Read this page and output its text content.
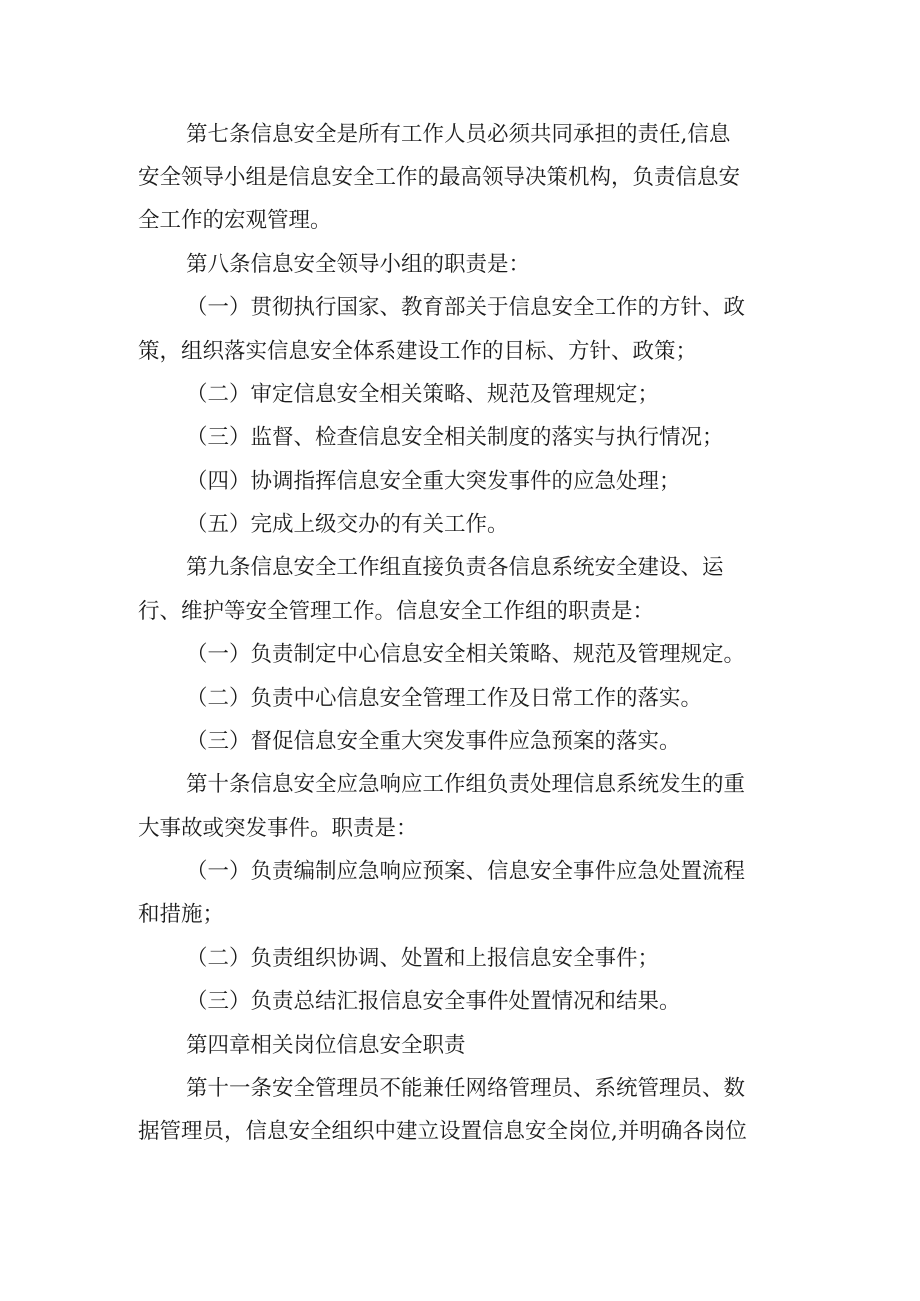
第七条信息安全是所有工作人员必须共同承担的责任,信息
安全领导小组是信息安全工作的最高领导决策机构，负责信息安
全工作的宏观管理。
第八条信息安全领导小组的职责是：
（一）贯彻执行国家、教育部关于信息安全工作的方针、政
策，组织落实信息安全体系建设工作的目标、方针、政策；
（二）审定信息安全相关策略、规范及管理规定；
（三）监督、检查信息安全相关制度的落实与执行情况；
（四）协调指挥信息安全重大突发事件的应急处理；
（五）完成上级交办的有关工作。
第九条信息安全工作组直接负责各信息系统安全建设、运
行、维护等安全管理工作。信息安全工作组的职责是：
（一）负责制定中心信息安全相关策略、规范及管理规定。
（二）负责中心信息安全管理工作及日常工作的落实。
（三）督促信息安全重大突发事件应急预案的落实。
第十条信息安全应急响应工作组负责处理信息系统发生的重
大事故或突发事件。职责是：
（一）负责编制应急响应预案、信息安全事件应急处置流程
和措施；
（二）负责组织协调、处置和上报信息安全事件；
（三）负责总结汇报信息安全事件处置情况和结果。
第四章相关岗位信息安全职责
第十一条安全管理员不能兼任网络管理员、系统管理员、数
据管理员，信息安全组织中建立设置信息安全岗位,并明确各岗位
